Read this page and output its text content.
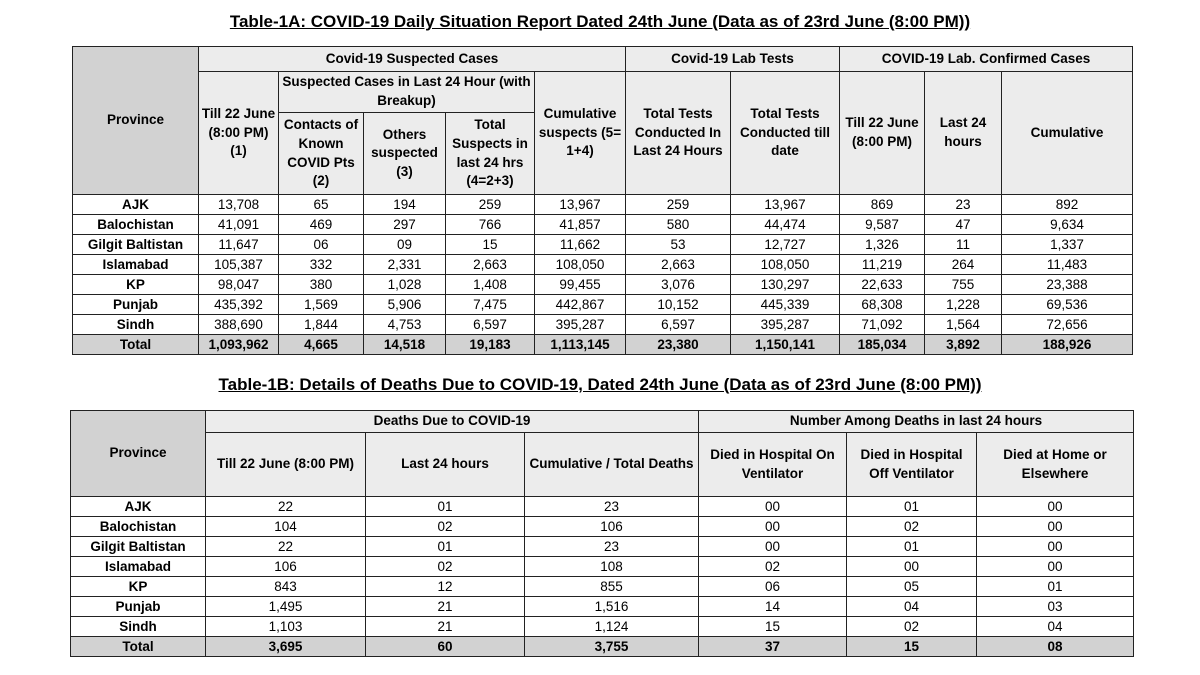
Table-1A: COVID-19 Daily Situation Report Dated 24th June (Data as of 23rd June (8:00 PM))
Province	Covid-19 Suspected Cases					Covid-19 Lab Tests		COVID-19 Lab. Confirmed Cases		
	Till 22 June (8:00 PM) (1)	Suspected Cases in Last 24 Hour (with Breakup)			Cumulative suspects (5= 1+4)	Total Tests Conducted In Last 24 Hours	Total Tests Conducted till date	Till 22 June (8:00 PM)	Last 24 hours	Cumulative
		Contacts of Known COVID Pts (2)	Others suspected (3)	Total Suspects in last 24 hrs (4=2+3)						
AJK	13,708	65	194	259	13,967	259	13,967	869	23	892
Balochistan	41,091	469	297	766	41,857	580	44,474	9,587	47	9,634
Gilgit Baltistan	11,647	06	09	15	11,662	53	12,727	1,326	11	1,337
Islamabad	105,387	332	2,331	2,663	108,050	2,663	108,050	11,219	264	11,483
KP	98,047	380	1,028	1,408	99,455	3,076	130,297	22,633	755	23,388
Punjab	435,392	1,569	5,906	7,475	442,867	10,152	445,339	68,308	1,228	69,536
Sindh	388,690	1,844	4,753	6,597	395,287	6,597	395,287	71,092	1,564	72,656
Total	1,093,962	4,665	14,518	19,183	1,113,145	23,380	1,150,141	185,034	3,892	188,926
Table-1B: Details of Deaths Due to COVID-19, Dated 24th June (Data as of 23rd June (8:00 PM))
Province	Deaths Due to COVID-19			Number Among Deaths in last 24 hours		
	Till 22 June (8:00 PM)	Last 24 hours	Cumulative / Total Deaths	Died in Hospital On Ventilator	Died in Hospital Off Ventilator	Died at Home or Elsewhere
AJK	22	01	23	00	01	00
Balochistan	104	02	106	00	02	00
Gilgit Baltistan	22	01	23	00	01	00
Islamabad	106	02	108	02	00	00
KP	843	12	855	06	05	01
Punjab	1,495	21	1,516	14	04	03
Sindh	1,103	21	1,124	15	02	04
Total	3,695	60	3,755	37	15	08
